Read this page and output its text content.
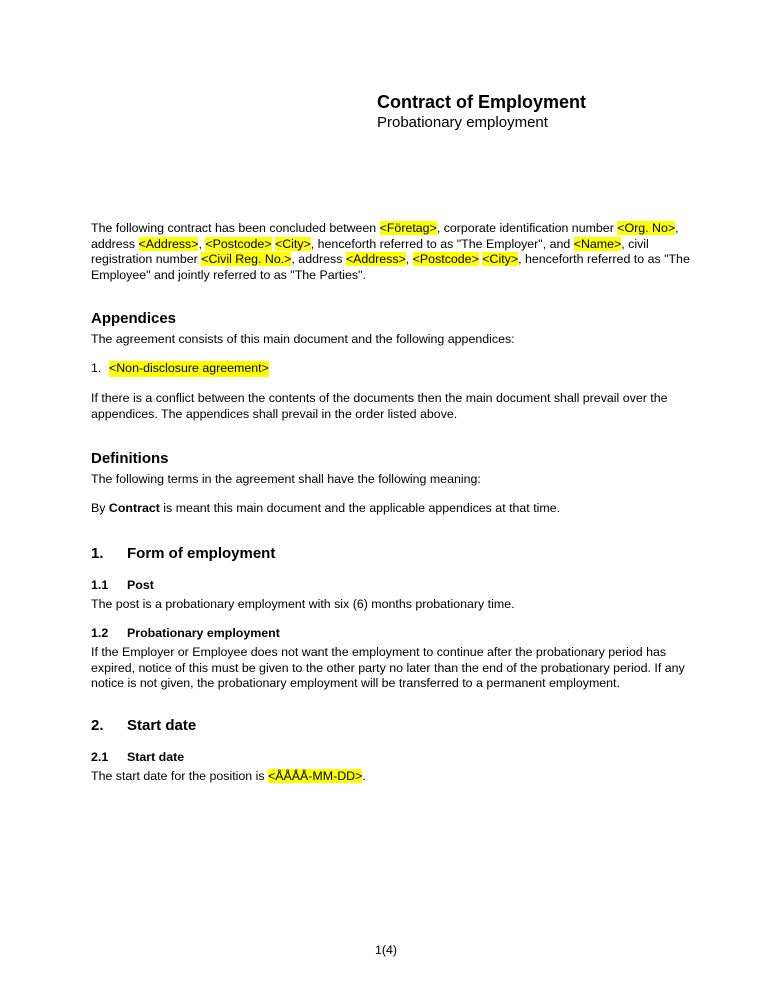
Contract of Employment
Probationary employment
The following contract has been concluded between <Företag>, corporate identification number <Org. No>, address <Address>, <Postcode> <City>, henceforth referred to as "The Employer", and <Name>, civil registration number <Civil Reg. No.>, address <Address>, <Postcode> <City>, henceforth referred to as "The Employee" and jointly referred to as "The Parties".
Appendices
The agreement consists of this main document and the following appendices:
1. <Non-disclosure agreement>
If there is a conflict between the contents of the documents then the main document shall prevail over the appendices. The appendices shall prevail in the order listed above.
Definitions
The following terms in the agreement shall have the following meaning:
By Contract is meant this main document and the applicable appendices at that time.
1.	Form of employment
1.1	Post
The post is a probationary employment with six (6) months probationary time.
1.2	Probationary employment
If the Employer or Employee does not want the employment to continue after the probationary period has expired, notice of this must be given to the other party no later than the end of the probationary period. If any notice is not given, the probationary employment will be transferred to a permanent employment.
2.	Start date
2.1	Start date
The start date for the position is <ÅÅÅÅ-MM-DD>.
1(4)
